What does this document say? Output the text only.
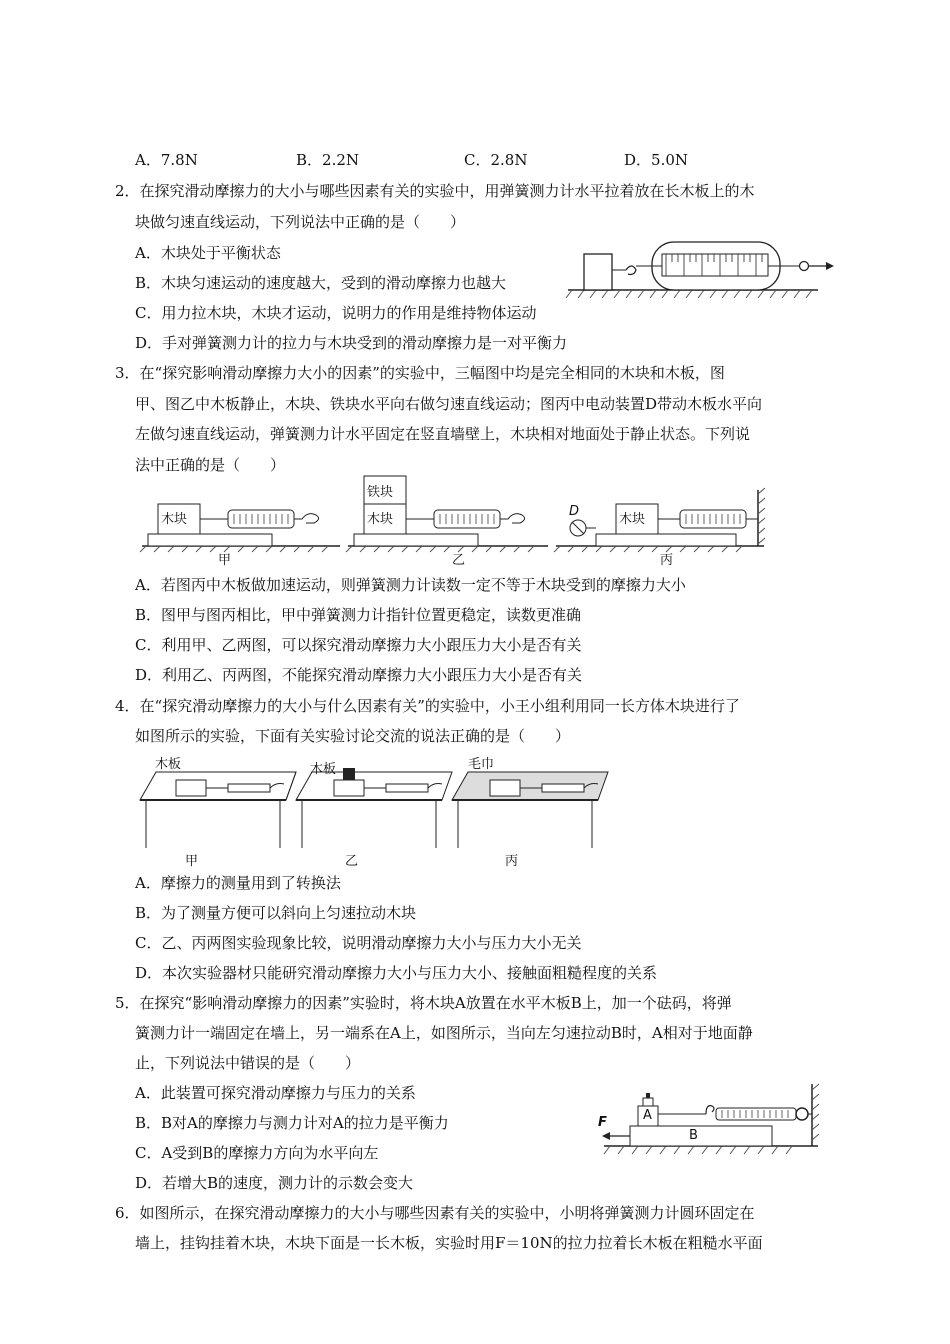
A．7.8N	B．2.2N	C．2.8N	D．5.0N
2．在探究滑动摩擦力的大小与哪些因素有关的实验中，用弹簧测力计水平拉着放在长木板上的木
块做匀速直线运动，下列说法中正确的是（　　）
A．木块处于平衡状态
B．木块匀速运动的速度越大，受到的滑动摩擦力也越大
C．用力拉木块，木块才运动，说明力的作用是维持物体运动
D．手对弹簧测力计的拉力与木块受到的滑动摩擦力是一对平衡力
3．在“探究影响滑动摩擦力大小的因素”的实验中，三幅图中均是完全相同的木块和木板，图
甲、图乙中木板静止，木块、铁块水平向右做匀速直线运动；图丙中电动装置D带动木板水平向
左做匀速直线运动，弹簧测力计水平固定在竖直墙壁上，木块相对地面处于静止状态。下列说
法中正确的是（　　）
木块
铁块
木块	木块
D
甲	乙	丙
A．若图丙中木板做加速运动，则弹簧测力计读数一定不等于木块受到的摩擦力大小
B．图甲与图丙相比，甲中弹簧测力计指针位置更稳定，读数更准确
C．利用甲、乙两图，可以探究滑动摩擦力大小跟压力大小是否有关
D．利用乙、丙两图，不能探究滑动摩擦力大小跟压力大小是否有关
4．在“探究滑动摩擦力的大小与什么因素有关”的实验中，小王小组利用同一长方体木块进行了
如图所示的实验，下面有关实验讨论交流的说法正确的是（　　）
木板	木板	毛巾
甲	乙	丙
A．摩擦力的测量用到了转换法
B．为了测量方便可以斜向上匀速拉动木块
C．乙、丙两图实验现象比较，说明滑动摩擦力大小与压力大小无关
D．本次实验器材只能研究滑动摩擦力大小与压力大小、接触面粗糙程度的关系
5．在探究“影响滑动摩擦力的因素”实验时，将木块A放置在水平木板B上，加一个砝码，将弹
簧测力计一端固定在墙上，另一端系在A上，如图所示，当向左匀速拉动B时，A相对于地面静
止，下列说法中错误的是（　　）
A．此装置可探究滑动摩擦力与压力的关系
B．B对A的摩擦力与测力计对A的拉力是平衡力
C．A受到B的摩擦力方向为水平向左
D．若增大B的速度，测力计的示数会变大
A
B
F
6．如图所示，在探究滑动摩擦力的大小与哪些因素有关的实验中，小明将弹簧测力计圆环固定在
墙上，挂钩挂着木块，木块下面是一长木板，实验时用F＝10N的拉力拉着长木板在粗糙水平面
